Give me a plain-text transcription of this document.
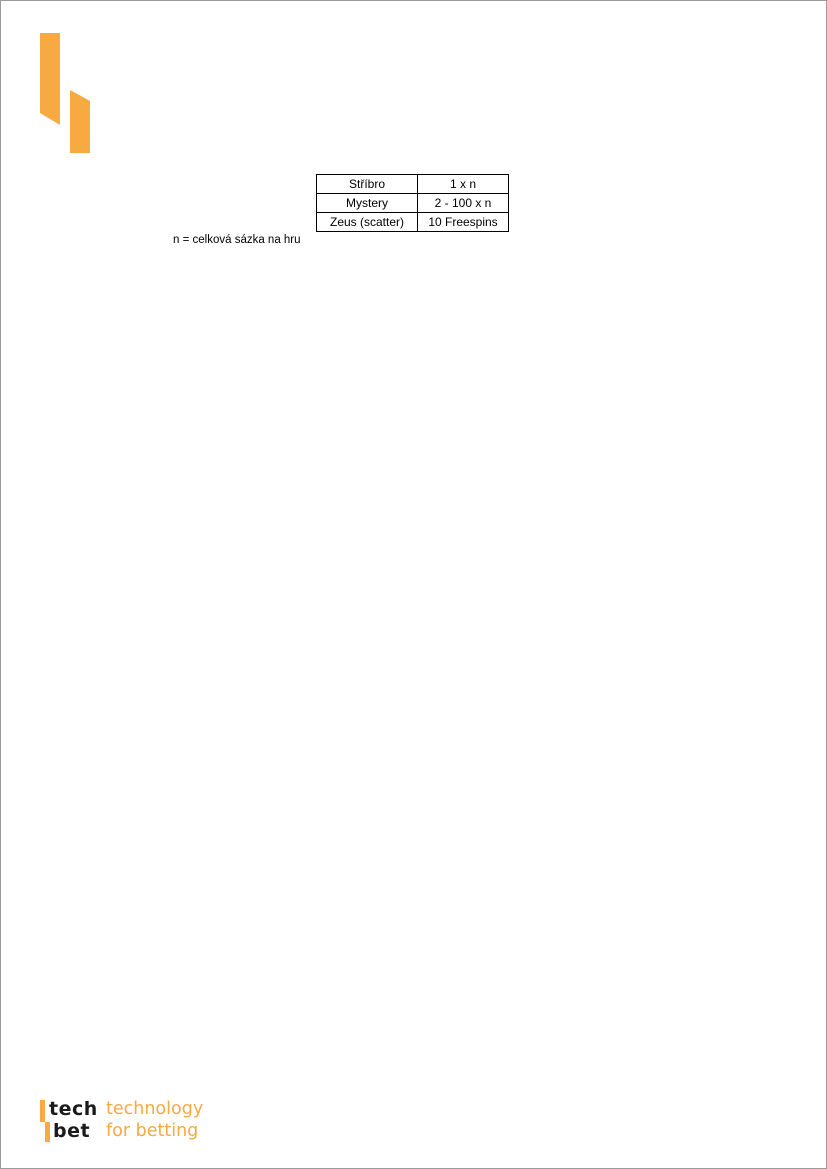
Stříbro	1 x n
Mystery	2 - 100 x n
Zeus (scatter)	10 Freespins
n = celková sázka na hru
tech
bet
technology
for betting
